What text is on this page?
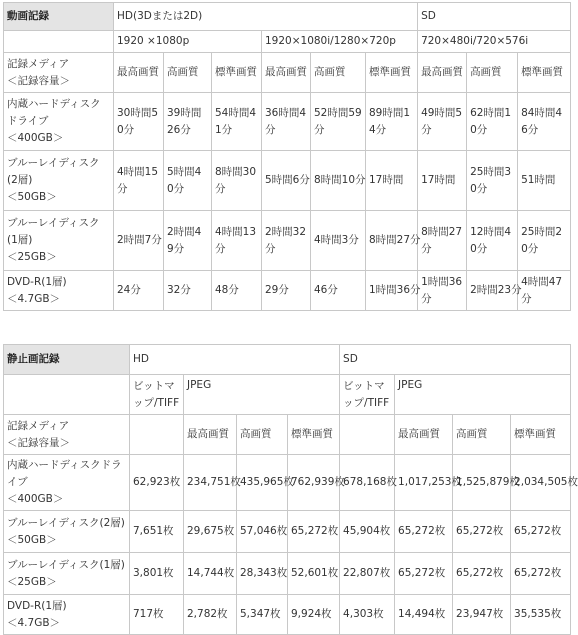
動画記録	HD(3Dまたは2D)						SD		
	1920 ×1080p			1920×1080i/1280×720p			720×480i/720×576i		
記録メディア
＜記録容量＞	最高画質	高画質	標準画質	最高画質	高画質	標準画質	最高画質	高画質	標準画質
内蔵ハードディスクドライブ
＜400GB＞	30時間50分	39時間26分	54時間41分	36時間4分	52時間59分	89時間14分	49時間5分	62時間10分	84時間46分
ブルーレイディスク(2層)
＜50GB＞	4時間15分	5時間40分	8時間30分	5時間6分	8時間10分	17時間	17時間	25時間30分	51時間
ブルーレイディスク(1層)
＜25GB＞	2時間7分	2時間49分	4時間13分	2時間32分	4時間3分	8時間27分	8時間27分	12時間40分	25時間20分
DVD-R(1層)
＜4.7GB＞	24分	32分	48分	29分	46分	1時間36分	1時間36分	2時間23分	4時間47分
静止画記録	HD				SD			
	ビットマップ/TIFF	JPEG			ビットマップ/TIFF	JPEG		
記録メディア
＜記録容量＞		最高画質	高画質	標準画質		最高画質	高画質	標準画質
内蔵ハードディスクドライブ
＜400GB＞	62,923枚	234,751枚	435,965枚	762,939枚	678,168枚	1,017,253枚	1,525,879枚	2,034,505枚
ブルーレイディスク(2層)
＜50GB＞	7,651枚	29,675枚	57,046枚	65,272枚	45,904枚	65,272枚	65,272枚	65,272枚
ブルーレイディスク(1層)
＜25GB＞	3,801枚	14,744枚	28,343枚	52,601枚	22,807枚	65,272枚	65,272枚	65,272枚
DVD-R(1層)
＜4.7GB＞	717枚	2,782枚	5,347枚	9,924枚	4,303枚	14,494枚	23,947枚	35,535枚
